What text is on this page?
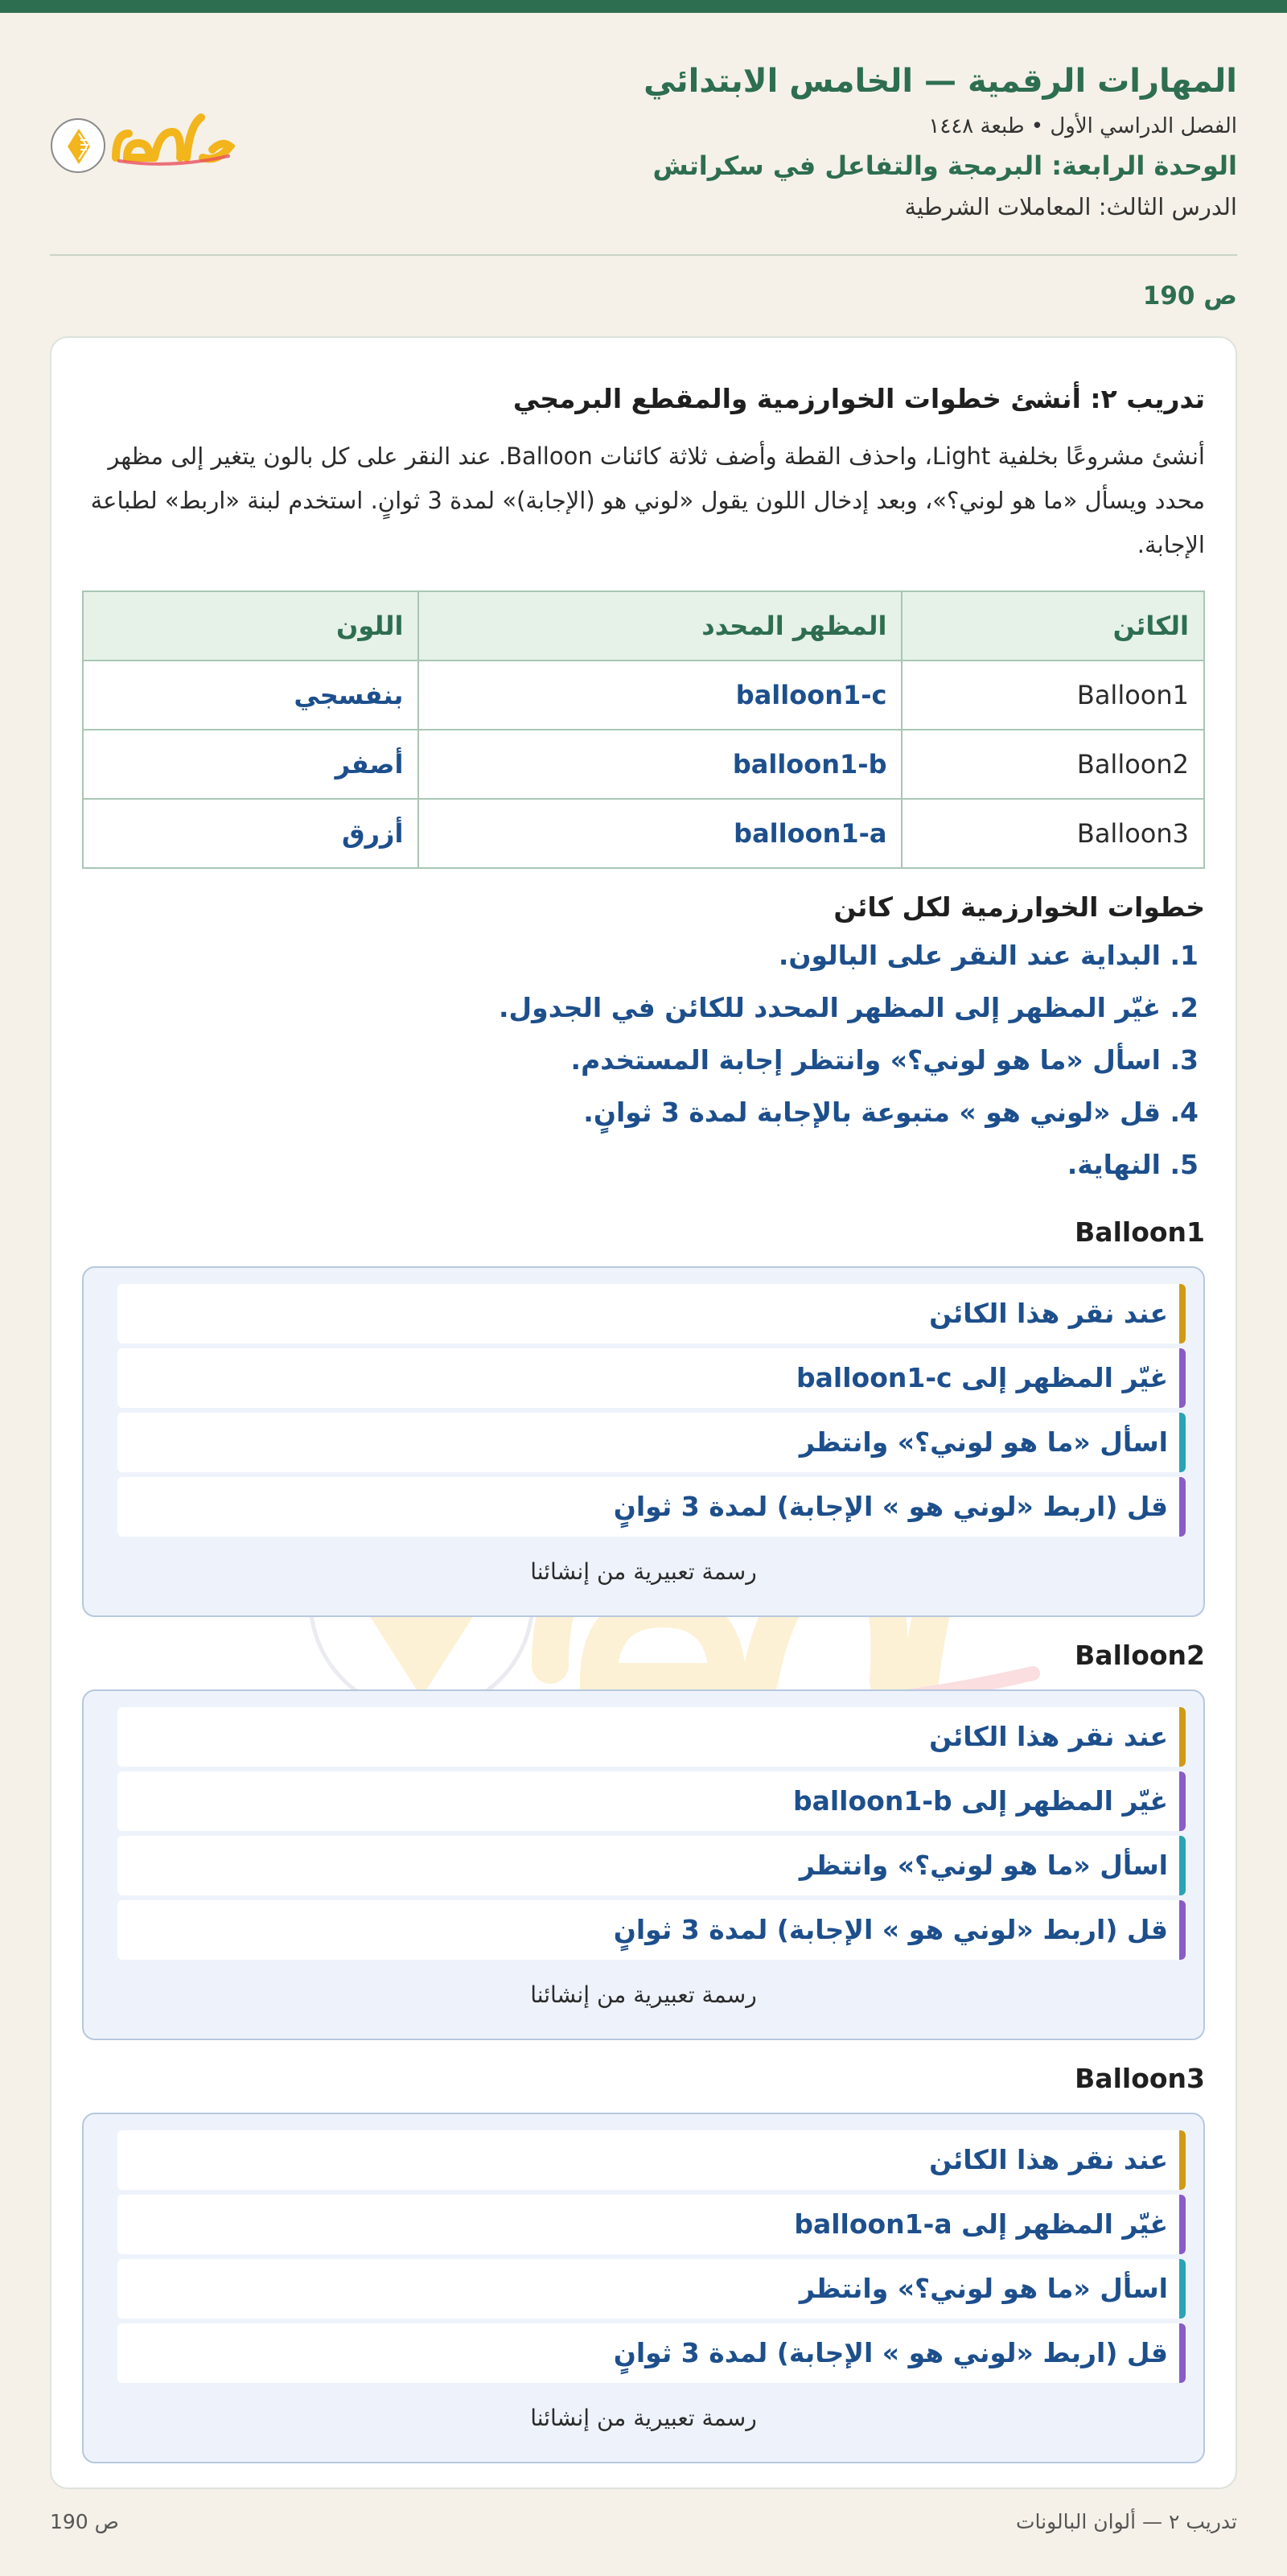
المهارات الرقمية — الخامس الابتدائي
الفصل الدراسي الأول • طبعة ١٤٤٨
الوحدة الرابعة: البرمجة والتفاعل في سكراتش
الدرس الثالث: المعاملات الشرطية
ص 190
تدريب ٢: أنشئ خطوات الخوارزمية والمقطع البرمجي
أنشئ مشروعًا بخلفية Light، واحذف القطة وأضف ثلاثة كائنات Balloon. عند النقر على كل بالون يتغير إلى مظهر محدد ويسأل «ما هو لوني؟»، وبعد إدخال اللون يقول «لوني هو (الإجابة)» لمدة 3 ثوانٍ. استخدم لبنة «اربط» لطباعة الإجابة.
الكائن	المظهر المحدد	اللون
Balloon1	balloon1-c	بنفسجي
Balloon2	balloon1-b	أصفر
Balloon3	balloon1-a	أزرق
خطوات الخوارزمية لكل كائن
1. البداية عند النقر على البالون.
2. غيّر المظهر إلى المظهر المحدد للكائن في الجدول.
3. اسأل «ما هو لوني؟» وانتظر إجابة المستخدم.
4. قل «لوني هو » متبوعة بالإجابة لمدة 3 ثوانٍ.
5. النهاية.
Balloon1
عند نقر هذا الكائن
غيّر المظهر إلى balloon1-c
اسأل «ما هو لوني؟» وانتظر
قل (اربط «لوني هو » الإجابة) لمدة 3 ثوانٍ
رسمة تعبيرية من إنشائنا
Balloon2
عند نقر هذا الكائن
غيّر المظهر إلى balloon1-b
اسأل «ما هو لوني؟» وانتظر
قل (اربط «لوني هو » الإجابة) لمدة 3 ثوانٍ
رسمة تعبيرية من إنشائنا
Balloon3
عند نقر هذا الكائن
غيّر المظهر إلى balloon1-a
اسأل «ما هو لوني؟» وانتظر
قل (اربط «لوني هو » الإجابة) لمدة 3 ثوانٍ
رسمة تعبيرية من إنشائنا
تدريب ٢ — ألوان البالونات
ص 190
